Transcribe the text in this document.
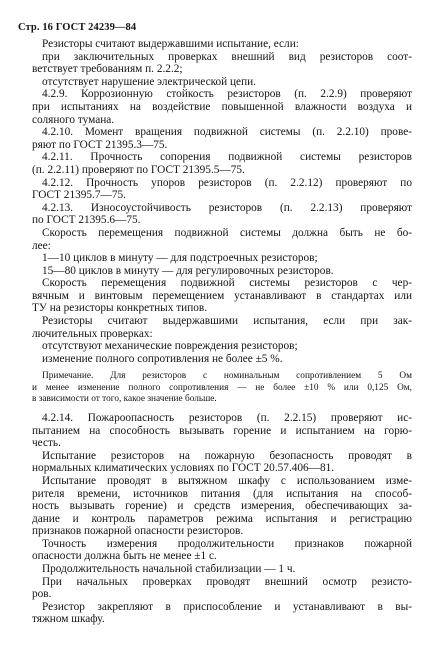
Стр. 16 ГОСТ 24239—84
Резисторы считают выдержавшими испытание, если:
при заключительных проверках внешний вид резисторов соот-
ветствует требованиям п. 2.2.2;
отсутствует нарушение электрической цепи.
4.2.9. Коррозионную стойкость резисторов (п. 2.2.9) проверяют
при испытаниях на воздействие повышенной влажности воздуха и
соляного тумана.
4.2.10. Момент вращения подвижной системы (п. 2.2.10) прове-
ряют по ГОСТ 21395.3—75.
4.2.11. Прочность сопорения подвижной системы резисторов
(п. 2.2.11) проверяют по ГОСТ 21395.5—75.
4.2.12. Прочность упоров резисторов (п. 2.2.12) проверяют по
ГОСТ 21395.7—75.
4.2.13. Износоустойчивость резисторов (п. 2.2.13) проверяют
по ГОСТ 21395.6—75.
Скорость перемещения подвижной системы должна быть не бо-
лее:
1—10 циклов в минуту — для подстроечных резисторов;
15—80 циклов в минуту — для регулировочных резисторов.
Скорость перемещения подвижной системы резисторов с чер-
вячным и винтовым перемещением устанавливают в стандартах или
ТУ на резисторы конкретных типов.
Резисторы считают выдержавшими испытания, если при зак-
лючительных проверках:
отсутствуют механические повреждения резисторов;
изменение полного сопротивления не более ±5 %.
Примечание. Для резисторов с номинальным сопротивлением 5 Ом
и менее изменение полного сопротивления — не более ±10 % или 0,125 Ом,
в зависимости от того, какое значение больше.
4.2.14. Пожароопасность резисторов (п. 2.2.15) проверяют ис-
пытанием на способность вызывать горение и испытанием на горю-
честь.
Испытание резисторов на пожарную безопасность проводят в
нормальных климатических условиях по ГОСТ 20.57.406—81.
Испытание проводят в вытяжном шкафу с использованием изме-
рителя времени, источников питания (для испытания на способ-
ность вызывать горение) и средств измерения, обеспечивающих за-
дание и контроль параметров режима испытания и регистрацию
признаков пожарной опасности резисторов.
Точность измерения продолжительности признаков пожарной
опасности должна быть не менее ±1 с.
Продолжительность начальной стабилизации — 1 ч.
При начальных проверках проводят внешний осмотр резисто-
ров.
Резистор закрепляют в приспособление и устанавливают в вы-
тяжном шкафу.
